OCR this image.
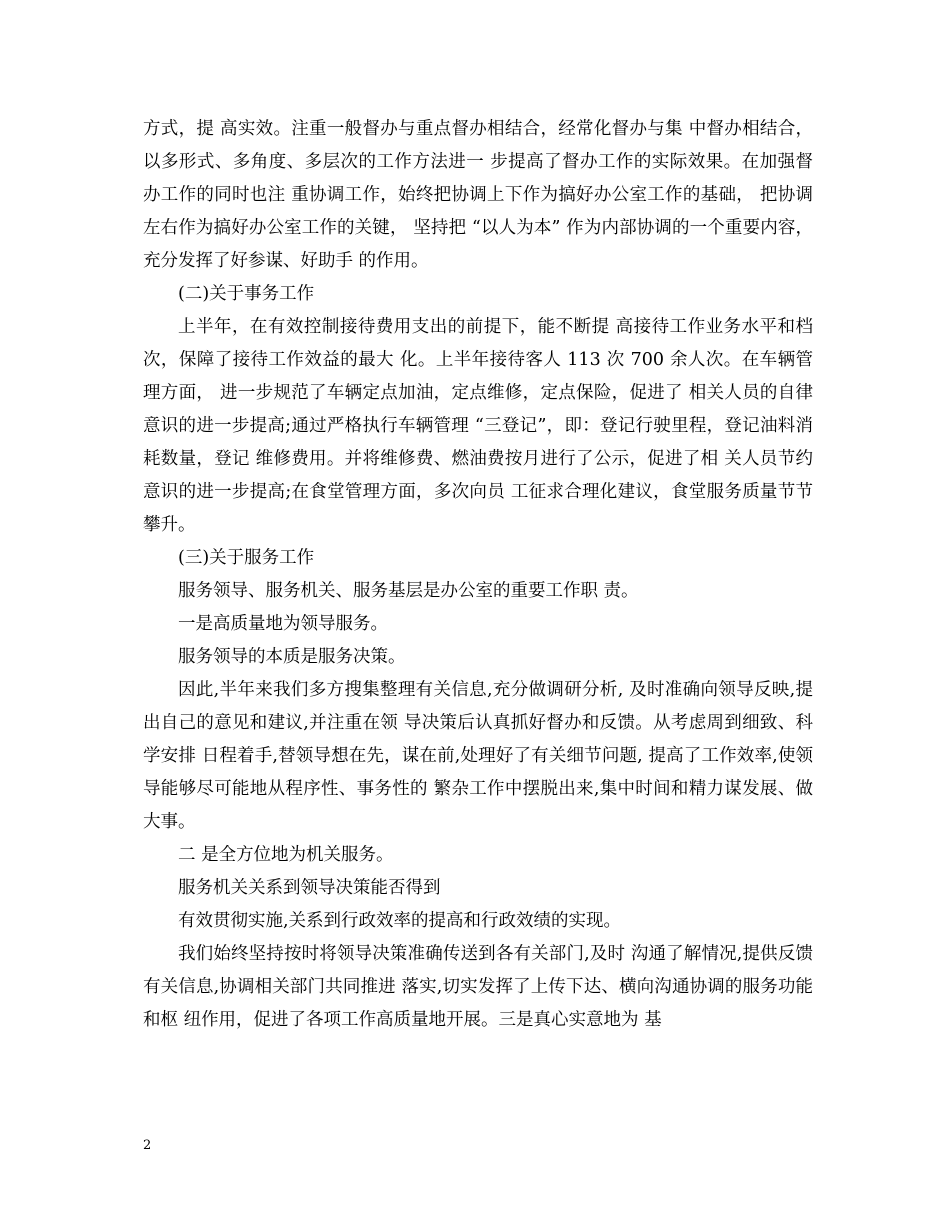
方式，提 高实效。注重一般督办与重点督办相结合，经常化督办与集 中督办相结合，以多形式、多角度、多层次的工作方法进一 步提高了督办工作的实际效果。在加强督办工作的同时也注 重协调工作，始终把协调上下作为搞好办公室工作的基础， 把协调左右作为搞好办公室工作的关键， 坚持把 “以人为本” 作为内部协调的一个重要内容，充分发挥了好参谋、好助手 的作用。

(二)关于事务工作

上半年，在有效控制接待费用支出的前提下，能不断提 高接待工作业务水平和档次，保障了接待工作效益的最大 化。上半年接待客人 113 次 700 余人次。在车辆管理方面， 进一步规范了车辆定点加油，定点维修，定点保险，促进了 相关人员的自律意识的进一步提高;通过严格执行车辆管理 “三登记”，即：登记行驶里程，登记油料消耗数量，登记 维修费用。并将维修费、燃油费按月进行了公示，促进了相 关人员节约意识的进一步提高;在食堂管理方面，多次向员 工征求合理化建议，食堂服务质量节节攀升。

(三)关于服务工作

服务领导、服务机关、服务基层是办公室的重要工作职 责。

一是高质量地为领导服务。

服务领导的本质是服务决策。

因此,半年来我们多方搜集整理有关信息,充分做调研分析, 及时准确向领导反映,提出自己的意见和建议,并注重在领 导决策后认真抓好督办和反馈。从考虑周到细致、科学安排 日程着手,替领导想在先，谋在前,处理好了有关细节问题, 提高了工作效率,使领导能够尽可能地从程序性、事务性的 繁杂工作中摆脱出来,集中时间和精力谋发展、做大事。

二 是全方位地为机关服务。

服务机关关系到领导决策能否得到

有效贯彻实施,关系到行政效率的提高和行政效绩的实现。

我们始终坚持按时将领导决策准确传送到各有关部门,及时 沟通了解情况,提供反馈有关信息,协调相关部门共同推进 落实,切实发挥了上传下达、横向沟通协调的服务功能和枢 纽作用，促进了各项工作高质量地开展。三是真心实意地为 基

2
